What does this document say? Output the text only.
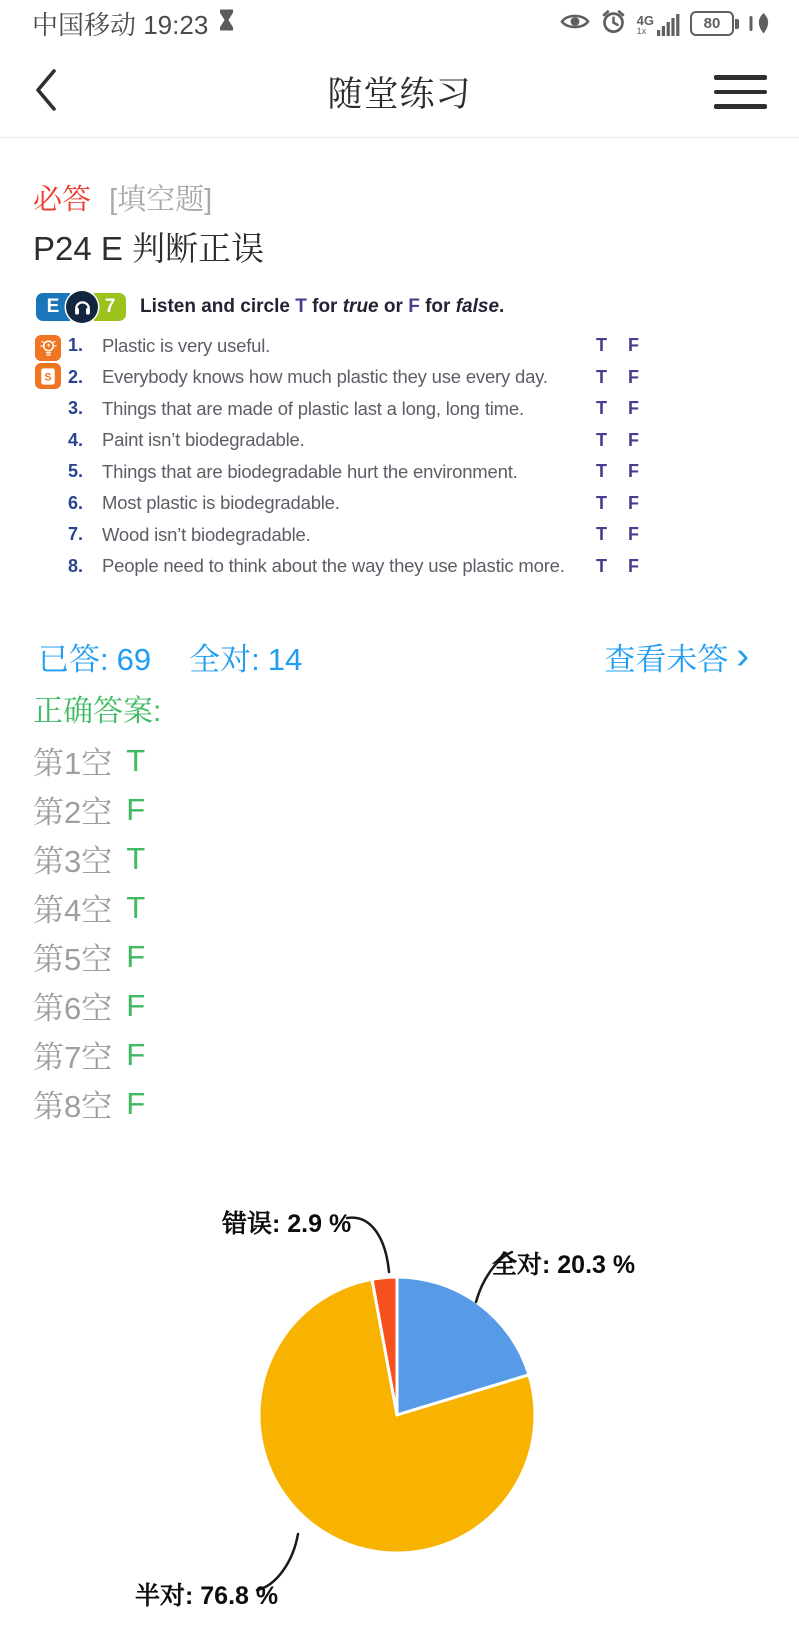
中国移动 19:23	4G
1x	80
随堂练习
必答 [填空题]
P24 E 判断正误
E	7	Listen and circle T for true or F for false.
S
1.	Plastic is very useful.	T F
2.	Everybody knows how much plastic they use every day.	T F
3.	Things that are made of plastic last a long, long time.	T F
4.	Paint isn’t biodegradable.	T F
5.	Things that are biodegradable hurt the environment.	T F
6.	Most plastic is biodegradable.	T F
7.	Wood isn’t biodegradable.	T F
8.	People need to think about the way they use plastic more. T F
已答: 69 全对: 14	查看未答 ›
正确答案:
第1空 T
第2空 F
第3空 T
第4空 T
第5空 F
第6空 F
第7空 F
第8空 F
错误: 2.9 %
全对: 20.3 %
半对: 76.8 %
